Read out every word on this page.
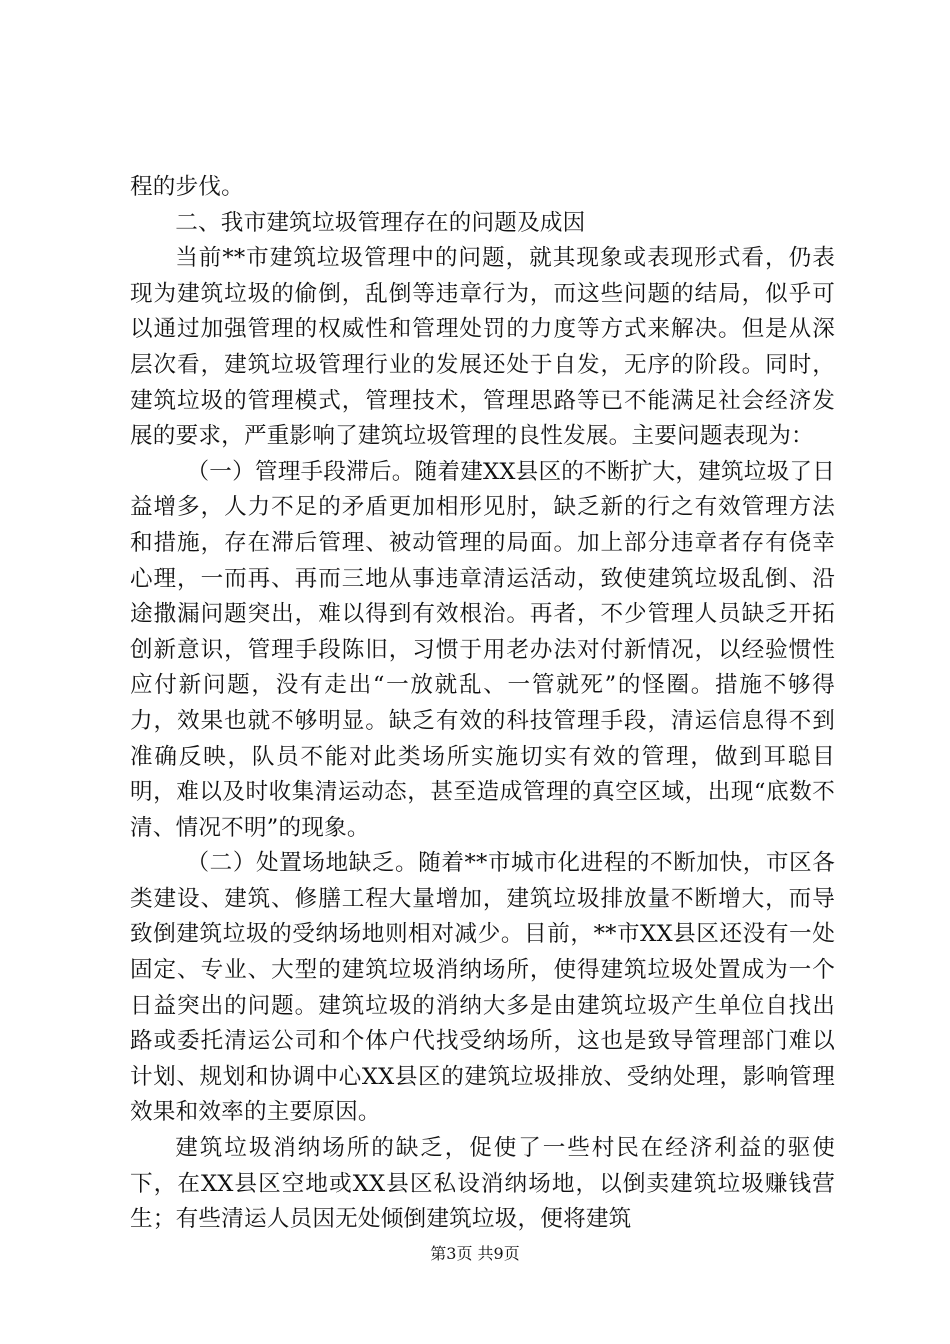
程的步伐。

二、我市建筑垃圾管理存在的问题及成因

当前**市建筑垃圾管理中的问题，就其现象或表现形式看，仍表现为建筑垃圾的偷倒，乱倒等违章行为，而这些问题的结局，似乎可以通过加强管理的权威性和管理处罚的力度等方式来解决。但是从深层次看，建筑垃圾管理行业的发展还处于自发，无序的阶段。同时，建筑垃圾的管理模式，管理技术，管理思路等已不能满足社会经济发展的要求，严重影响了建筑垃圾管理的良性发展。主要问题表现为：

（一）管理手段滞后。随着建XX县区的不断扩大，建筑垃圾了日益增多，人力不足的矛盾更加相形见肘，缺乏新的行之有效管理方法和措施，存在滞后管理、被动管理的局面。加上部分违章者存有侥幸心理，一而再、再而三地从事违章清运活动，致使建筑垃圾乱倒、沿途撒漏问题突出，难以得到有效根治。再者，不少管理人员缺乏开拓创新意识，管理手段陈旧，习惯于用老办法对付新情况，以经验惯性应付新问题，没有走出“一放就乱、一管就死”的怪圈。措施不够得力，效果也就不够明显。缺乏有效的科技管理手段，清运信息得不到准确反映，队员不能对此类场所实施切实有效的管理，做到耳聪目明，难以及时收集清运动态，甚至造成管理的真空区域，出现“底数不清、情况不明”的现象。

（二）处置场地缺乏。随着**市城市化进程的不断加快，市区各类建设、建筑、修膳工程大量增加，建筑垃圾排放量不断增大，而导致倒建筑垃圾的受纳场地则相对减少。目前，**市XX县区还没有一处固定、专业、大型的建筑垃圾消纳场所，使得建筑垃圾处置成为一个日益突出的问题。建筑垃圾的消纳大多是由建筑垃圾产生单位自找出路或委托清运公司和个体户代找受纳场所，这也是致导管理部门难以计划、规划和协调中心XX县区的建筑垃圾排放、受纳处理，影响管理效果和效率的主要原因。

建筑垃圾消纳场所的缺乏，促使了一些村民在经济利益的驱使下，在XX县区空地或XX县区私设消纳场地，以倒卖建筑垃圾赚钱营生；有些清运人员因无处倾倒建筑垃圾，便将建筑

第3页 共9页
